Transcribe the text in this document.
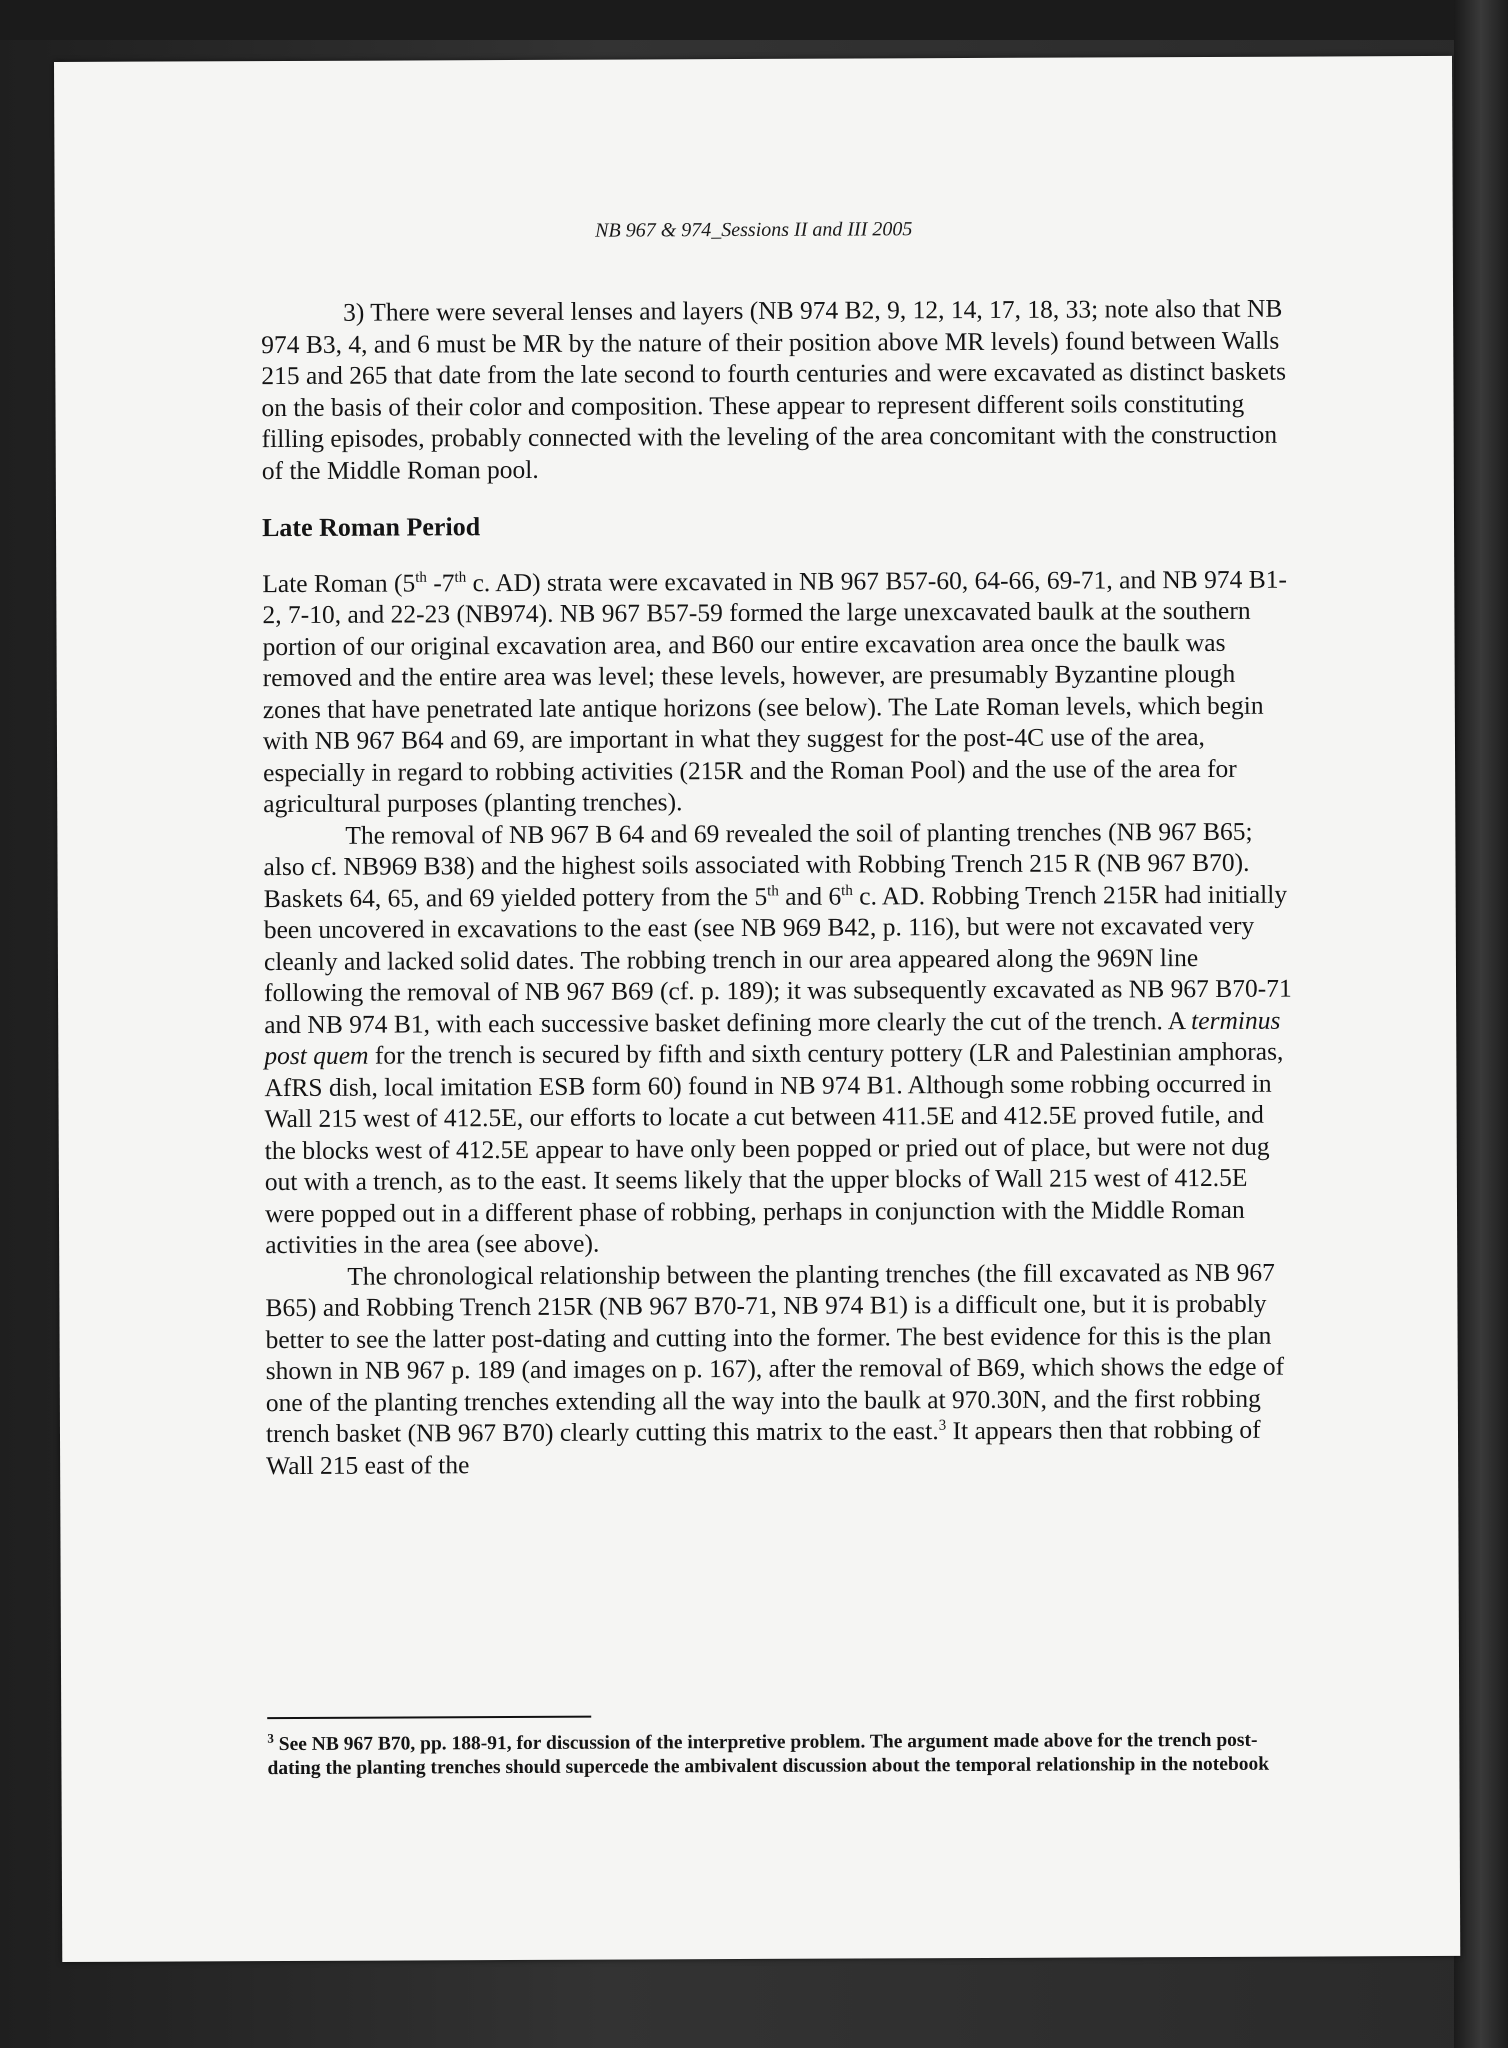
NB 967 & 974_Sessions II and III 2005

3) There were several lenses and layers (NB 974 B2, 9, 12, 14, 17, 18, 33; note also that NB 974 B3, 4, and 6 must be MR by the nature of their position above MR levels) found between Walls 215 and 265 that date from the late second to fourth centuries and were excavated as distinct baskets on the basis of their color and composition. These appear to represent different soils constituting filling episodes, probably connected with the leveling of the area concomitant with the construction of the Middle Roman pool.

Late Roman Period

Late Roman (5th -7th c. AD) strata were excavated in NB 967 B57-60, 64-66, 69-71, and NB 974 B1-2, 7-10, and 22-23 (NB974). NB 967 B57-59 formed the large unexcavated baulk at the southern portion of our original excavation area, and B60 our entire excavation area once the baulk was removed and the entire area was level; these levels, however, are presumably Byzantine plough zones that have penetrated late antique horizons (see below). The Late Roman levels, which begin with NB 967 B64 and 69, are important in what they suggest for the post-4C use of the area, especially in regard to robbing activities (215R and the Roman Pool) and the use of the area for agricultural purposes (planting trenches).

The removal of NB 967 B 64 and 69 revealed the soil of planting trenches (NB 967 B65; also cf. NB969 B38) and the highest soils associated with Robbing Trench 215 R (NB 967 B70). Baskets 64, 65, and 69 yielded pottery from the 5th and 6th c. AD. Robbing Trench 215R had initially been uncovered in excavations to the east (see NB 969 B42, p. 116), but were not excavated very cleanly and lacked solid dates. The robbing trench in our area appeared along the 969N line following the removal of NB 967 B69 (cf. p. 189); it was subsequently excavated as NB 967 B70-71 and NB 974 B1, with each successive basket defining more clearly the cut of the trench. A terminus post quem for the trench is secured by fifth and sixth century pottery (LR and Palestinian amphoras, AfRS dish, local imitation ESB form 60) found in NB 974 B1. Although some robbing occurred in Wall 215 west of 412.5E, our efforts to locate a cut between 411.5E and 412.5E proved futile, and the blocks west of 412.5E appear to have only been popped or pried out of place, but were not dug out with a trench, as to the east. It seems likely that the upper blocks of Wall 215 west of 412.5E were popped out in a different phase of robbing, perhaps in conjunction with the Middle Roman activities in the area (see above).

The chronological relationship between the planting trenches (the fill excavated as NB 967 B65) and Robbing Trench 215R (NB 967 B70-71, NB 974 B1) is a difficult one, but it is probably better to see the latter post-dating and cutting into the former. The best evidence for this is the plan shown in NB 967 p. 189 (and images on p. 167), after the removal of B69, which shows the edge of one of the planting trenches extending all the way into the baulk at 970.30N, and the first robbing trench basket (NB 967 B70) clearly cutting this matrix to the east.$^3$ It appears then that robbing of Wall 215 east of the

$^3$ See NB 967 B70, pp. 188-91, for discussion of the interpretive problem. The argument made above for the trench post-dating the planting trenches should supercede the ambivalent discussion about the temporal relationship in the notebook
